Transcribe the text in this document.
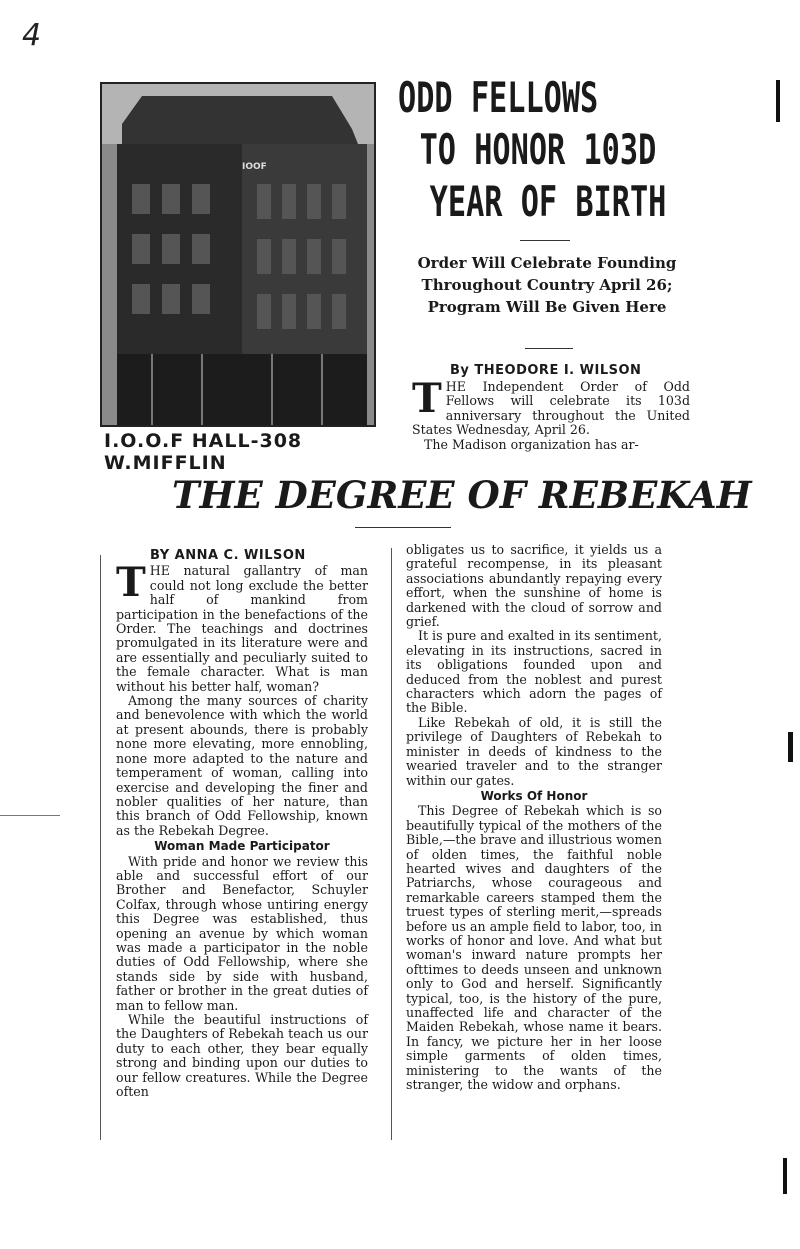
4
IOOF
I.O.O.F HALL-308 W.MIFFLIN
ODD FELLOWS
TO HONOR 103D
YEAR OF BIRTH
Order Will Celebrate Founding Throughout Country April 26; Program Will Be Given Here
By THEODORE I. WILSON
T HE Independent Order of Odd Fellows will celebrate its 103d anniversary throughout the United States Wednesday, April 26.

The Madison organization has ar-

THE DEGREE OF REBEKAH
BY ANNA C. WILSON
T HE natural gallantry of man could not long exclude the better half of mankind from participation in the benefactions of the Order. The teachings and doctrines promulgated in its literature were and are essentially and peculiarly suited to the female character. What is man without his better half, woman?

Among the many sources of charity and benevolence with which the world at present abounds, there is probably none more elevating, more ennobling, none more adapted to the nature and temperament of woman, calling into exercise and developing the finer and nobler qualities of her nature, than this branch of Odd Fellowship, known as the Rebekah Degree.

Woman Made Participator

With pride and honor we review this able and successful effort of our Brother and Benefactor, Schuyler Colfax, through whose untiring energy this Degree was established, thus opening an avenue by which woman was made a participator in the noble duties of Odd Fellowship, where she stands side by side with husband, father or brother in the great duties of man to fellow man.

While the beautiful instructions of the Daughters of Rebekah teach us our duty to each other, they bear equally strong and binding upon our duties to our fellow creatures. While the Degree often

obligates us to sacrifice, it yields us a grateful recompense, in its pleasant associations abundantly repaying every effort, when the sunshine of home is darkened with the cloud of sorrow and grief.

It is pure and exalted in its sentiment, elevating in its instructions, sacred in its obligations founded upon and deduced from the noblest and purest characters which adorn the pages of the Bible.

Like Rebekah of old, it is still the privilege of Daughters of Rebekah to minister in deeds of kindness to the wearied traveler and to the stranger within our gates.

Works Of Honor

This Degree of Rebekah which is so beautifully typical of the mothers of the Bible,—the brave and illustrious women of olden times, the faithful noble hearted wives and daughters of the Patriarchs, whose courageous and remarkable careers stamped them the truest types of sterling merit,—spreads before us an ample field to labor, too, in works of honor and love. And what but woman's inward nature prompts her ofttimes to deeds unseen and unknown only to God and herself. Significantly typical, too, is the history of the pure, unaffected life and character of the Maiden Rebekah, whose name it bears. In fancy, we picture her in her loose simple garments of olden times, ministering to the wants of the stranger, the widow and orphans.
